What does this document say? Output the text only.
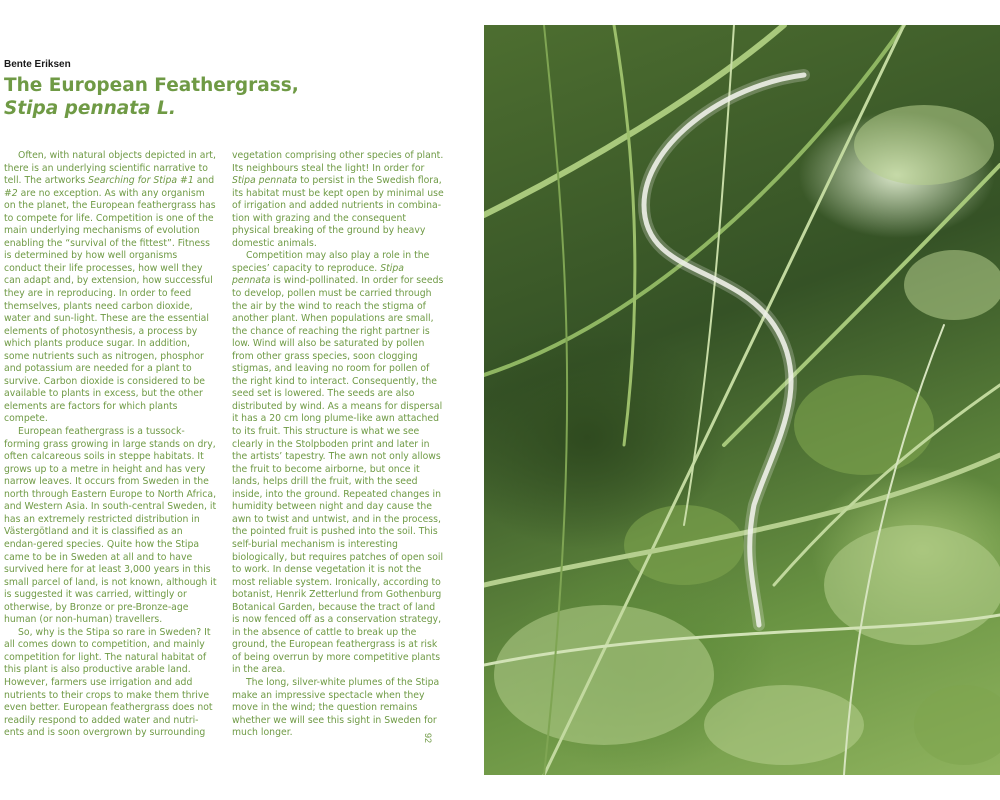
Bente Eriksen
The European Feathergrass,
Stipa pennata L.

Often, with natural objects depicted in art, there is an underlying scientific narrative to tell. The artworks Searching for Stipa #1 and #2 are no exception. As with any organism on the planet, the European feathergrass has to compete for life. Competition is one of the main underlying mechanisms of evolution enabling the “survival of the fittest”. Fitness is determined by how well organisms conduct their life processes, how well they can adapt and, by extension, how successful they are in reproducing. In order to feed themselves, plants need carbon dioxide, water and sun-light. These are the essential elements of photosynthesis, a process by which plants produce sugar. In addition, some nutrients such as nitrogen, phosphor and potassium are needed for a plant to survive. Carbon dioxide is considered to be available to plants in excess, but the other elements are factors for which plants compete.

European feathergrass is a tussock-forming grass growing in large stands on dry, often calcareous soils in steppe habitats. It grows up to a metre in height and has very narrow leaves. It occurs from Sweden in the north through Eastern Europe to North Africa, and Western Asia. In south-central Sweden, it has an extremely restricted distribution in Västergötland and it is classified as an endan-gered species. Quite how the Stipa came to be in Sweden at all and to have survived here for at least 3,000 years in this small parcel of land, is not known, although it is suggested it was carried, wittingly or otherwise, by Bronze or pre-Bronze-age human (or non-human) travellers.

So, why is the Stipa so rare in Sweden? It all comes down to competition, and mainly competition for light. The natural habitat of this plant is also productive arable land. However, farmers use irrigation and add nutrients to their crops to make them thrive even better. European feathergrass does not readily respond to added water and nutri-ents and is soon overgrown by surrounding

vegetation comprising other species of plant. Its neighbours steal the light! In order for Stipa pennata to persist in the Swedish flora, its habitat must be kept open by minimal use of irrigation and added nutrients in combina-tion with grazing and the consequent physical breaking of the ground by heavy domestic animals.

Competition may also play a role in the species’ capacity to reproduce. Stipa pennata is wind-pollinated. In order for seeds to develop, pollen must be carried through the air by the wind to reach the stigma of another plant. When populations are small, the chance of reaching the right partner is low. Wind will also be saturated by pollen from other grass species, soon clogging stigmas, and leaving no room for pollen of the right kind to interact. Consequently, the seed set is lowered. The seeds are also distributed by wind. As a means for dispersal it has a 20 cm long plume-like awn attached to its fruit. This structure is what we see clearly in the Stolpboden print and later in the artists’ tapestry. The awn not only allows the fruit to become airborne, but once it lands, helps drill the fruit, with the seed inside, into the ground. Repeated changes in humidity between night and day cause the awn to twist and untwist, and in the process, the pointed fruit is pushed into the soil. This self-burial mechanism is interesting biologically, but requires patches of open soil to work. In dense vegetation it is not the most reliable system. Ironically, according to botanist, Henrik Zetterlund from Gothenburg Botanical Garden, because the tract of land is now fenced off as a conservation strategy, in the absence of cattle to break up the ground, the European feathergrass is at risk of being overrun by more competitive plants in the area.

The long, silver-white plumes of the Stipa make an impressive spectacle when they move in the wind; the question remains whether we will see this sight in Sweden for much longer.	92
